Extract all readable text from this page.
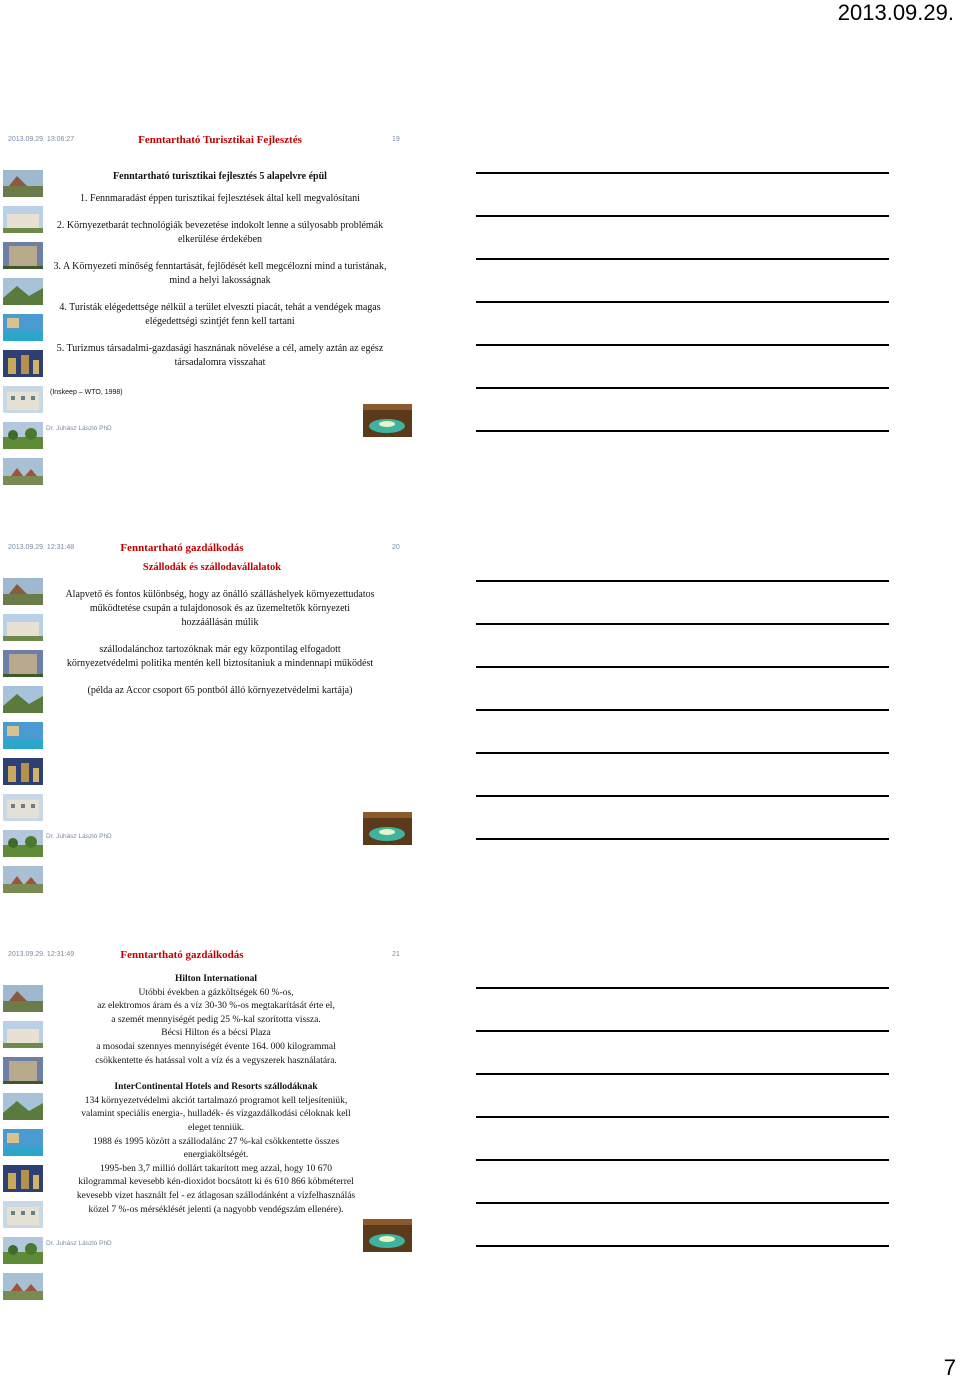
2013.09.29.
2013.09.29. 13:06:27	19
Fenntartható Turisztikai Fejlesztés

Fenntartható turisztikai fejlesztés 5 alapelvre épül
1. Fennmaradást éppen turisztikai fejlesztések által kell megvalósítani
2. Környezetbarát technológiák bevezetése indokolt lenne a súlyosabb problémák elkerülése érdekében
3. A Környezeti minőség fenntartását, fejlődését kell megcélozni mind a turistának, mind a helyi lakosságnak
4. Turisták elégedettsége nélkül a terület elveszti piacát, tehát a vendégek magas elégedettségi szintjét fenn kell tartani
5. Turizmus társadalmi-gazdasági hasznának növelése a cél, amely aztán az egész társadalomra visszahat
(Inskeep – WTO, 1998)
Dr. Juhász László PhD
2013.09.29. 12:31:48	20
Fenntartható gazdálkodás
Szállodák és szállodavállalatok

Alapvető és fontos különbség, hogy az önálló szálláshelyek környezettudatos működtetése csupán a tulajdonosok és az üzemeltetők környezeti hozzáállásán múlik
szállodalánchoz tartozóknak már egy központilag elfogadott környezetvédelmi politika mentén kell biztosítaniuk a mindennapi működést
(példa az Accor csoport 65 pontból álló környezetvédelmi kartája)
Dr. Juhász László PhD
2013.09.29. 12:31:49	21
Fenntartható gazdálkodás

Hilton International
Utóbbi években a gázköltségek 60 %-os,
az elektromos áram és a víz 30-30 %-os megtakarítását érte el,
a szemét mennyiségét pedig 25 %-kal szorította vissza.
Bécsi Hilton és a bécsi Plaza
a mosodai szennyes mennyiségét évente 164. 000 kilogrammal
csökkentette és hatással volt a víz és a vegyszerek használatára.
InterContinental Hotels and Resorts szállodáknak
134 környezetvédelmi akciót tartalmazó programot kell teljesíteniük,
valamint speciális energia-, hulladék- és vízgazdálkodási céloknak kell
eleget tenniük.
1988 és 1995 között a szállodalánc 27 %-kal csökkentette összes
energiaköltségét.
1995-ben 3,7 millió dollárt takarított meg azzal, hogy 10 670
kilogrammal kevesebb kén-dioxidot bocsátott ki és 610 866 köbméterrel
kevesebb vizet használt fel - ez átlagosan szállodánként a vízfelhasználás
közel 7 %-os mérséklését jelenti (a nagyobb vendégszám ellenére).
Dr. Juhász László PhD
7
